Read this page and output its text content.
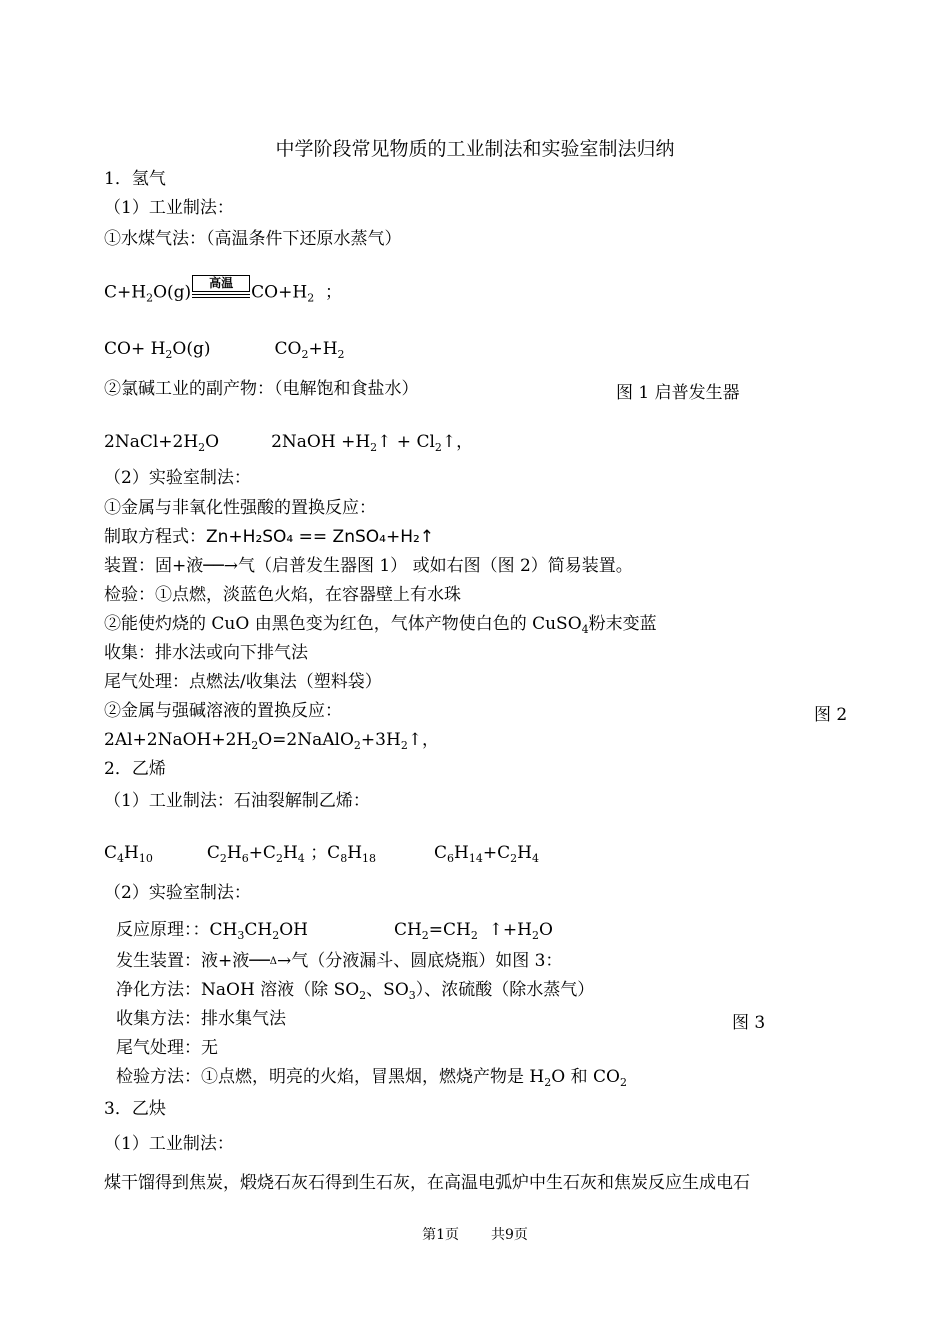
中学阶段常见物质的工业制法和实验室制法归纳
1．氢气
（1）工业制法：
①水煤气法：（高温条件下还原水蒸气）
$C+H_2O(g)$	高温	$CO+H_2$ ；
$CO+ H_2O(g)$	$CO_2+H_2$
②氯碱工业的副产物：（电解饱和食盐水）	图 1 启普发生器
$2NaCl+2H_2O$	2NaOH $+H_2↑$ + $Cl_2↑$，
（2）实验室制法：
①金属与非氧化性强酸的置换反应：
制取方程式：Zn+H₂SO₄ == ZnSO₄+H₂↑
装置：固+液──→气（启普发生器图 1） 或如右图（图 2）简易装置。
检验：①点燃，淡蓝色火焰，在容器壁上有水珠
②能使灼烧的 CuO 由黑色变为红色，气体产物使白色的 CuSO$_4$粉末变蓝
收集：排水法或向下排气法
尾气处理：点燃法/收集法（塑料袋）
②金属与强碱溶液的置换反应：	图 2
$2Al+2NaOH+2H_2O=2NaAlO_2+3H_2↑$，
2．乙烯
（1）工业制法：石油裂解制乙烯：
$C_4H_{10}$	$C_2H_6+C_2H_4$ ；$C_8H_{18}$	$C_6H_{14}+C_2H_4$
（2）实验室制法：
反应原理：：$CH_3CH_2OH$	$CH_2=CH_2$ $↑+H_2O$
发生装置：液+液──Δ→气（分液漏斗、圆底烧瓶）如图 3：
净化方法：NaOH 溶液（除 $SO_2$、$SO_3$）、浓硫酸（除水蒸气）
收集方法：排水集气法	图 3
尾气处理：无
检验方法：①点燃，明亮的火焰，冒黑烟，燃烧产物是 $H_2O$ 和 $CO_2$
3．乙炔
（1）工业制法：
煤干馏得到焦炭，煅烧石灰石得到生石灰，在高温电弧炉中生石灰和焦炭反应生成电石
第1页 共9页
